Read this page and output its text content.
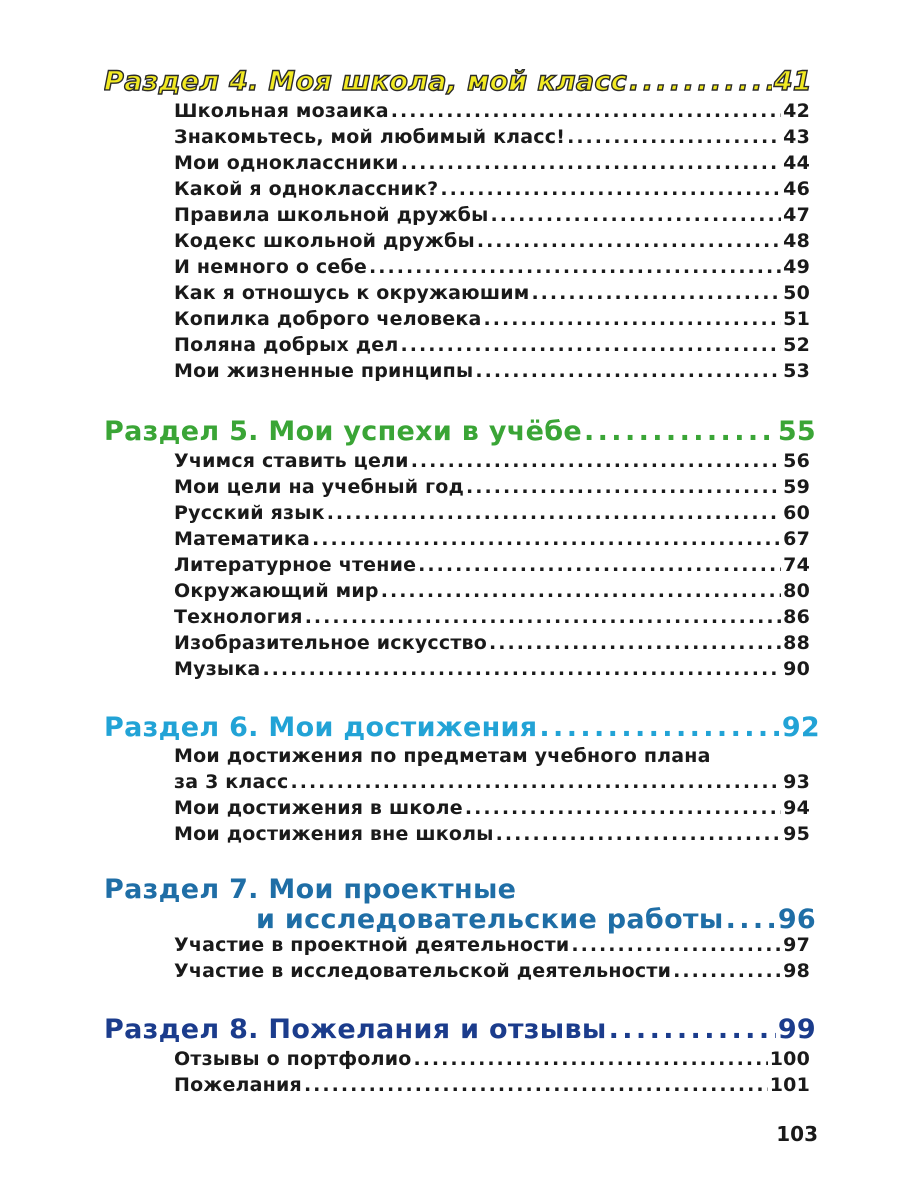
Раздел 4. Моя школа, мой класс . . .	41
Школьная мозаика . . .	42
Знакомьтесь, мой любимый класс! . . .	43
Мои одноклассники . . .	44
Какой я одноклассник? . . .	46
Правила школьной дружбы . . .	47
Кодекс школьной дружбы . . .	48
И немного о себе . . .	49
Как я отношусь к окружаюшим . . .	50
Копилка доброго человека . . .	51
Поляна добрых дел . . .	52
Мои жизненные принципы . . .	53
Раздел 5. Мои успехи в учёбе . . .	55
Учимся ставить цели . . .	56
Мои цели на учебный год . . .	59
Русский язык . . .	60
Математика . . .	67
Литературное чтение . . .	74
Окружающий мир . . .	80
Технология . . .	86
Изобразительное искусство . . .	88
Музыка . . .	90
Раздел 6. Мои достижения . . .	92
Мои достижения по предметам учебного плана
за 3 класс . . .	93
Мои достижения в школе . . .	94
Мои достижения вне школы . . .	95
Раздел 7. Мои проектные
и исследовательские работы . . . 96
Участие в проектной деятельности . . .	97
Участие в исследовательской деятельности . . .	98
Раздел 8. Пожелания и отзывы . . .	99
Отзывы о портфолио . . .	100
Пожелания . . .	101
103
